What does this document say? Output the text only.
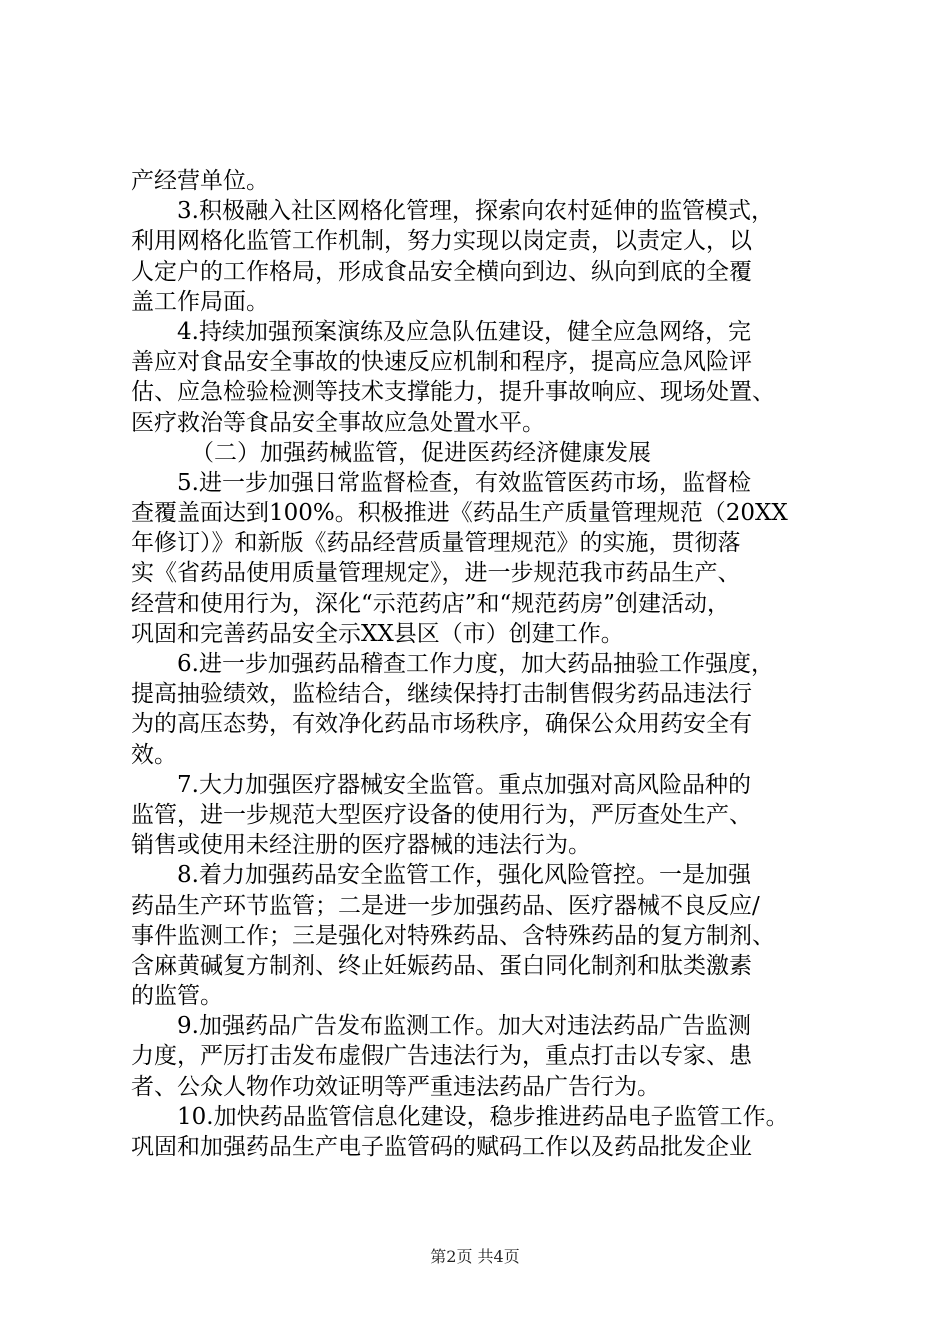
产经营单位。
3.积极融入社区网格化管理，探索向农村延伸的监管模式，
利用网格化监管工作机制，努力实现以岗定责，以责定人，以
人定户的工作格局，形成食品安全横向到边、纵向到底的全覆
盖工作局面。
4.持续加强预案演练及应急队伍建设，健全应急网络，完
善应对食品安全事故的快速反应机制和程序，提高应急风险评
估、应急检验检测等技术支撑能力，提升事故响应、现场处置、
医疗救治等食品安全事故应急处置水平。
（二）加强药械监管，促进医药经济健康发展
5.进一步加强日常监督检查，有效监管医药市场，监督检
查覆盖面达到100%。积极推进《药品生产质量管理规范（20XX
年修订）》和新版《药品经营质量管理规范》的实施，贯彻落
实《省药品使用质量管理规定》，进一步规范我市药品生产、
经营和使用行为，深化“示范药店”和“规范药房”创建活动，
巩固和完善药品安全示XX县区（市）创建工作。
6.进一步加强药品稽查工作力度，加大药品抽验工作强度，
提高抽验绩效，监检结合，继续保持打击制售假劣药品违法行
为的高压态势，有效净化药品市场秩序，确保公众用药安全有
效。
7.大力加强医疗器械安全监管。重点加强对高风险品种的
监管，进一步规范大型医疗设备的使用行为，严厉查处生产、
销售或使用未经注册的医疗器械的违法行为。
8.着力加强药品安全监管工作，强化风险管控。一是加强
药品生产环节监管；二是进一步加强药品、医疗器械不良反应/
事件监测工作；三是强化对特殊药品、含特殊药品的复方制剂、
含麻黄碱复方制剂、终止妊娠药品、蛋白同化制剂和肽类激素
的监管。
9.加强药品广告发布监测工作。加大对违法药品广告监测
力度，严厉打击发布虚假广告违法行为，重点打击以专家、患
者、公众人物作功效证明等严重违法药品广告行为。
10.加快药品监管信息化建设，稳步推进药品电子监管工作。
巩固和加强药品生产电子监管码的赋码工作以及药品批发企业
第2页 共4页
